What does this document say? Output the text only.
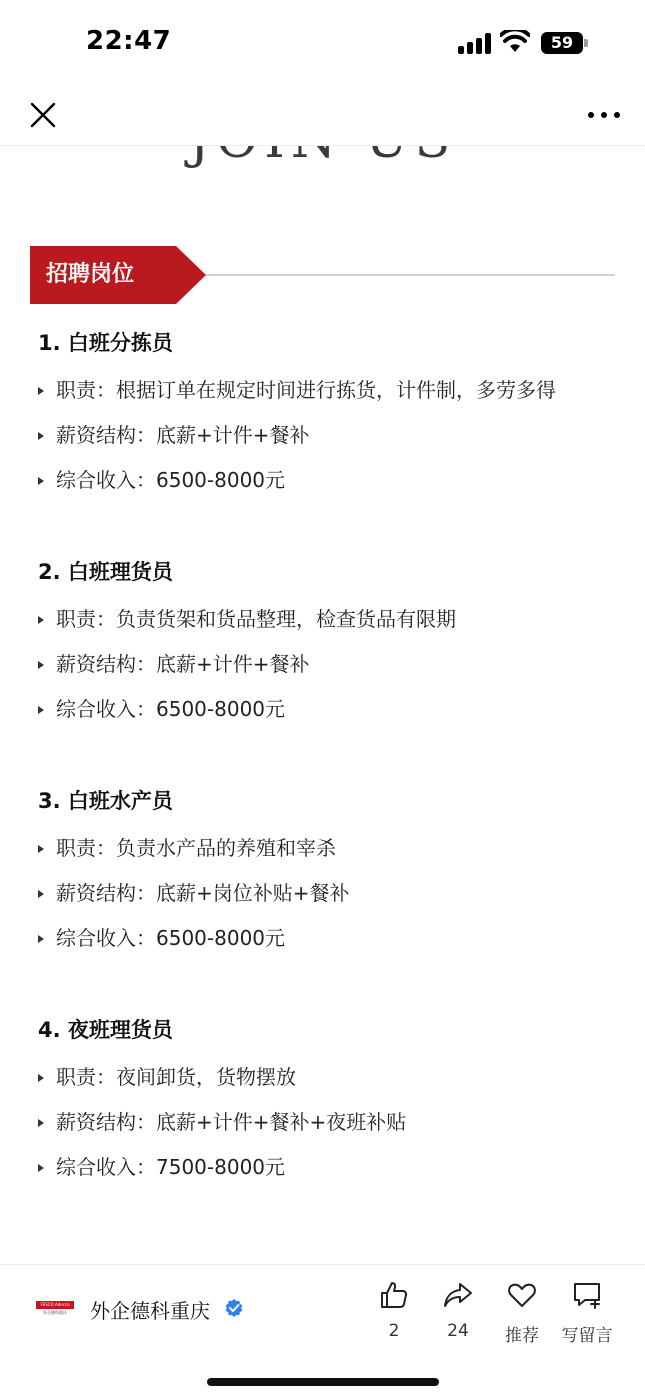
22:47	59
招聘岗位
1. 白班分拣员
职责：根据订单在规定时间进行拣货，计件制，多劳多得
薪资结构：底薪+计件+餐补
综合收入：6500-8000元
2. 白班理货员
职责：负责货架和货品整理，检查货品有限期
薪资结构：底薪+计件+餐补
综合收入：6500-8000元
3. 白班水产员
职责：负责水产品的养殖和宰杀
薪资结构：底薪+岗位补贴+餐补
综合收入：6500-8000元
4. 夜班理货员
职责：夜间卸货，货物摆放
薪资结构：底薪+计件+餐补+夜班补贴
综合收入：7500-8000元
FESCO Adecco
外企德科重庆	外企德科重庆
2	24	推荐	写留言
